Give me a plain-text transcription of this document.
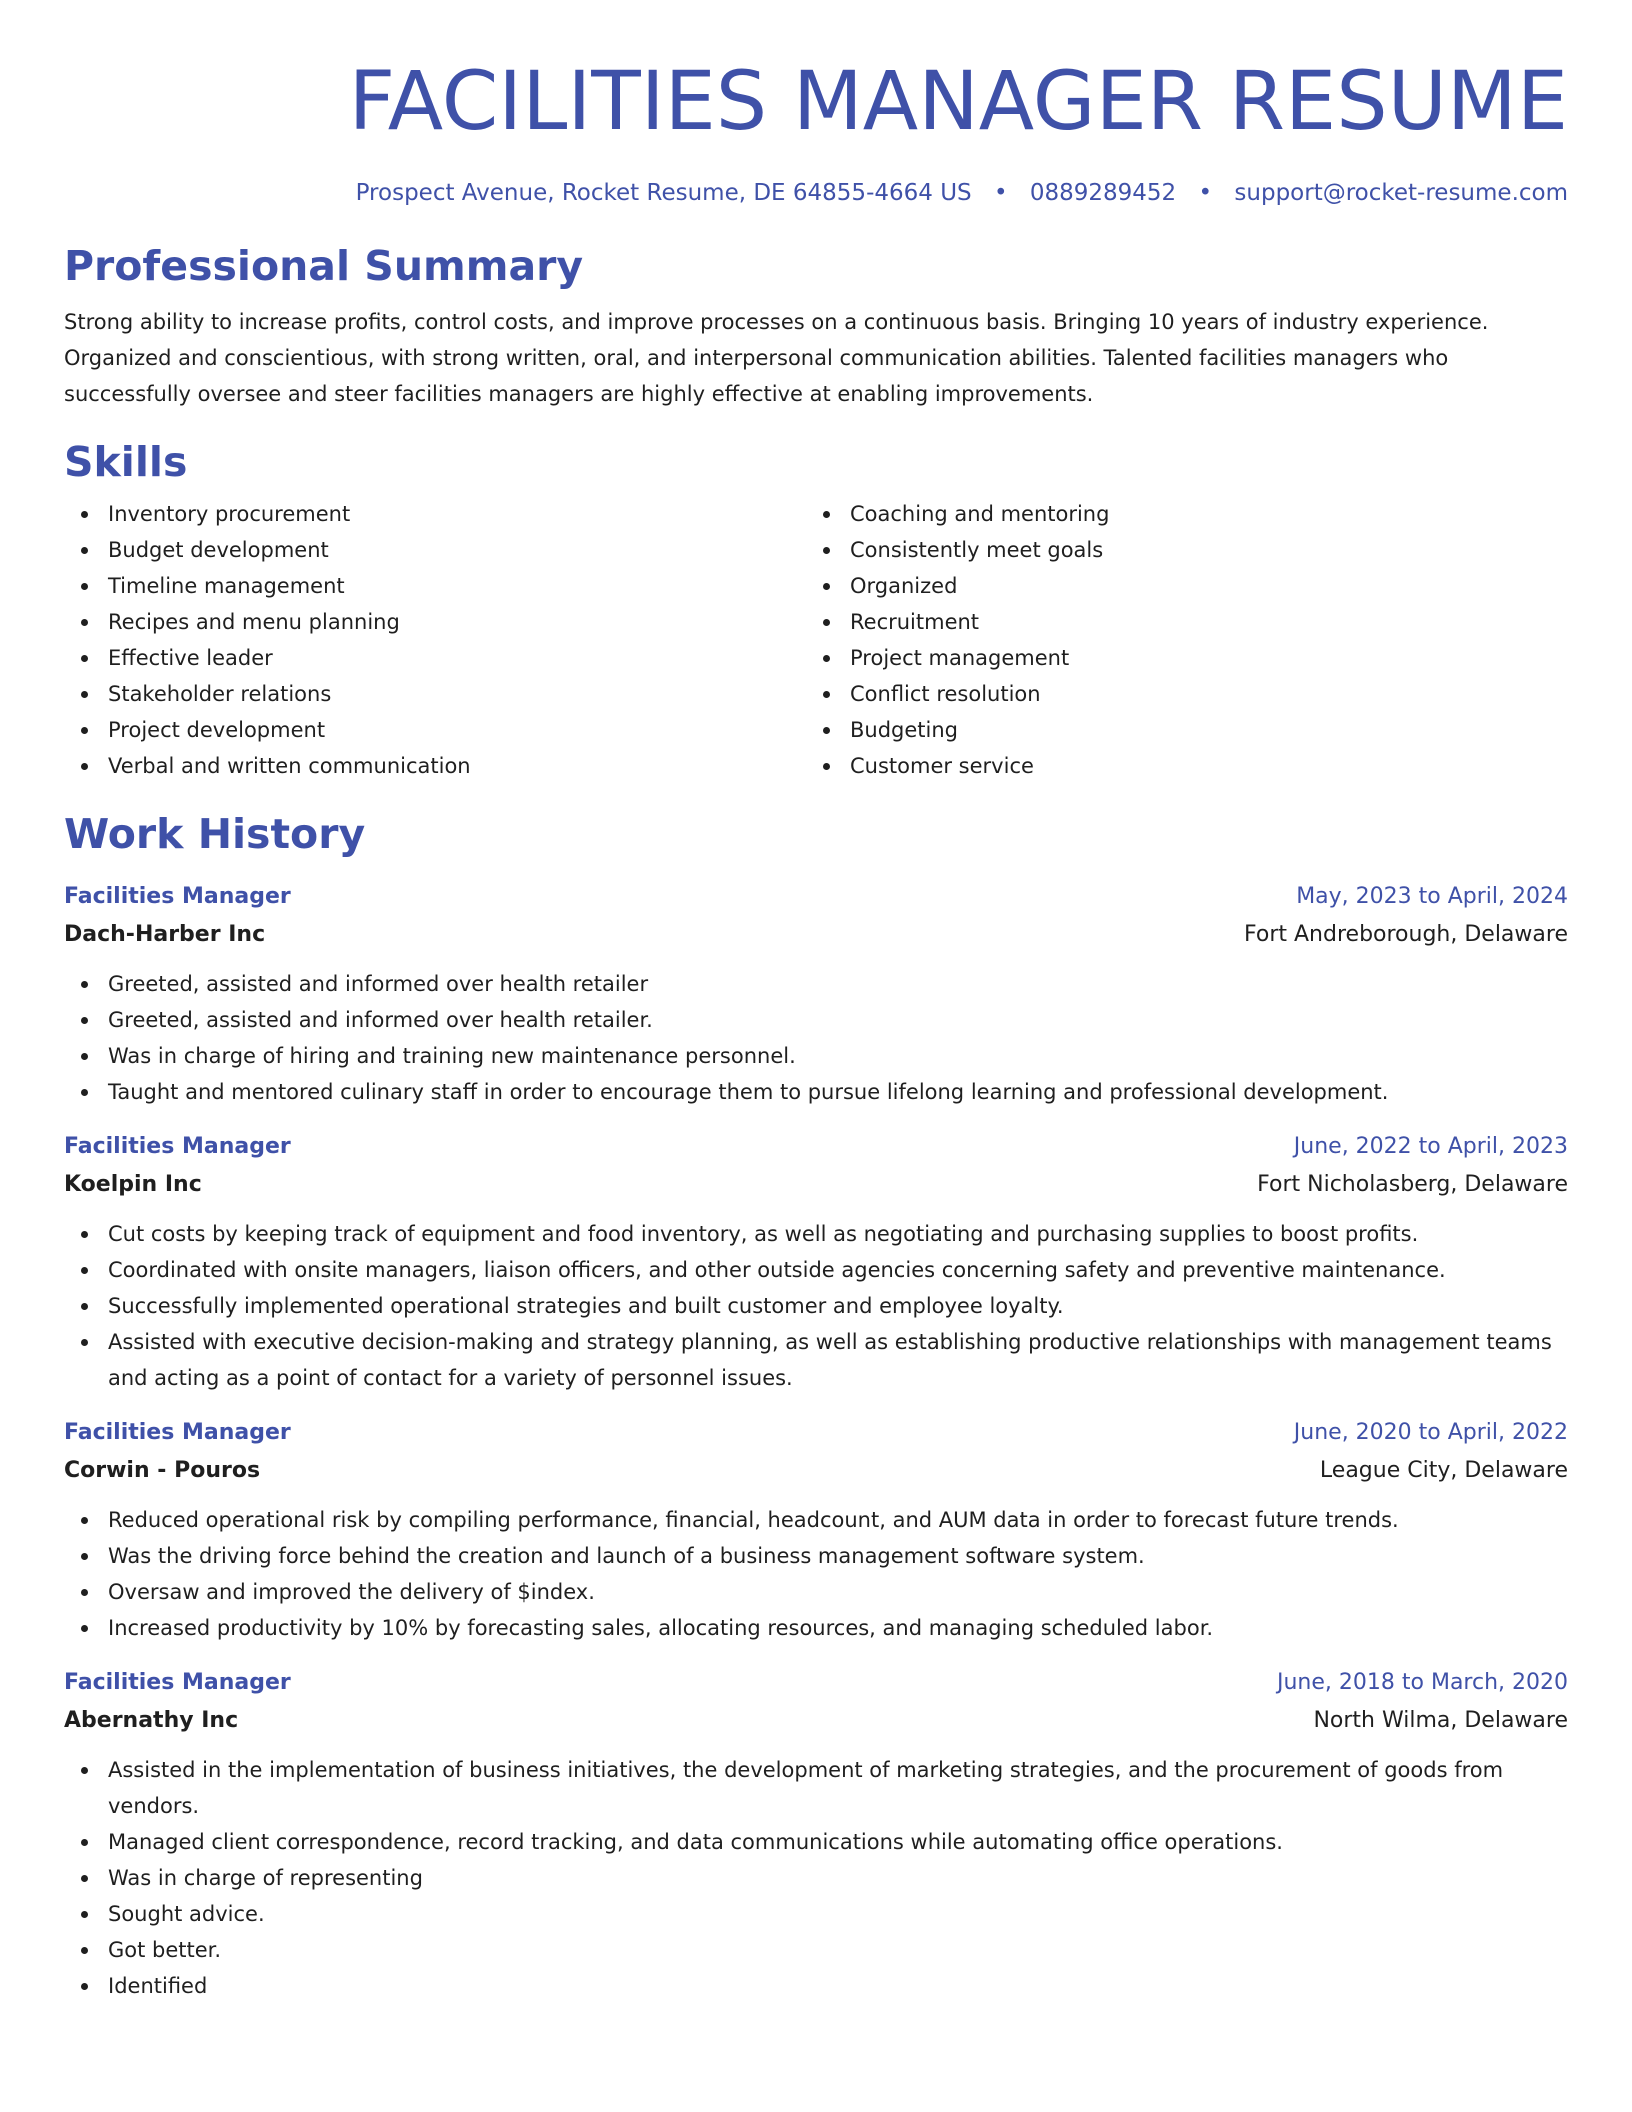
FACILITIES MANAGER RESUME
Prospect Avenue, Rocket Resume, DE 64855-4664 US • 0889289452 • support@rocket-resume.com
Professional Summary
Strong ability to increase profits, control costs, and improve processes on a continuous basis. Bringing 10 years of industry experience. Organized and conscientious, with strong written, oral, and interpersonal communication abilities. Talented facilities managers who successfully oversee and steer facilities managers are highly effective at enabling improvements.
Skills
Inventory procurement
Budget development
Timeline management
Recipes and menu planning
Effective leader
Stakeholder relations
Project development
Verbal and written communication
Coaching and mentoring
Consistently meet goals
Organized
Recruitment
Project management
Conflict resolution
Budgeting
Customer service
Work History
Facilities Manager	May, 2023 to April, 2024
Dach-Harber Inc	Fort Andreborough, Delaware
Greeted, assisted and informed over health retailer
Greeted, assisted and informed over health retailer.
Was in charge of hiring and training new maintenance personnel.
Taught and mentored culinary staff in order to encourage them to pursue lifelong learning and professional development.
Facilities Manager	June, 2022 to April, 2023
Koelpin Inc	Fort Nicholasberg, Delaware
Cut costs by keeping track of equipment and food inventory, as well as negotiating and purchasing supplies to boost profits.
Coordinated with onsite managers, liaison officers, and other outside agencies concerning safety and preventive maintenance.
Successfully implemented operational strategies and built customer and employee loyalty.
Assisted with executive decision-making and strategy planning, as well as establishing productive relationships with management teams and acting as a point of contact for a variety of personnel issues.
Facilities Manager	June, 2020 to April, 2022
Corwin - Pouros	League City, Delaware
Reduced operational risk by compiling performance, financial, headcount, and AUM data in order to forecast future trends.
Was the driving force behind the creation and launch of a business management software system.
Oversaw and improved the delivery of $index.
Increased productivity by 10% by forecasting sales, allocating resources, and managing scheduled labor.
Facilities Manager	June, 2018 to March, 2020
Abernathy Inc	North Wilma, Delaware
Assisted in the implementation of business initiatives, the development of marketing strategies, and the procurement of goods from vendors.
Managed client correspondence, record tracking, and data communications while automating office operations.
Was in charge of representing
Sought advice.
Got better.
Identified
